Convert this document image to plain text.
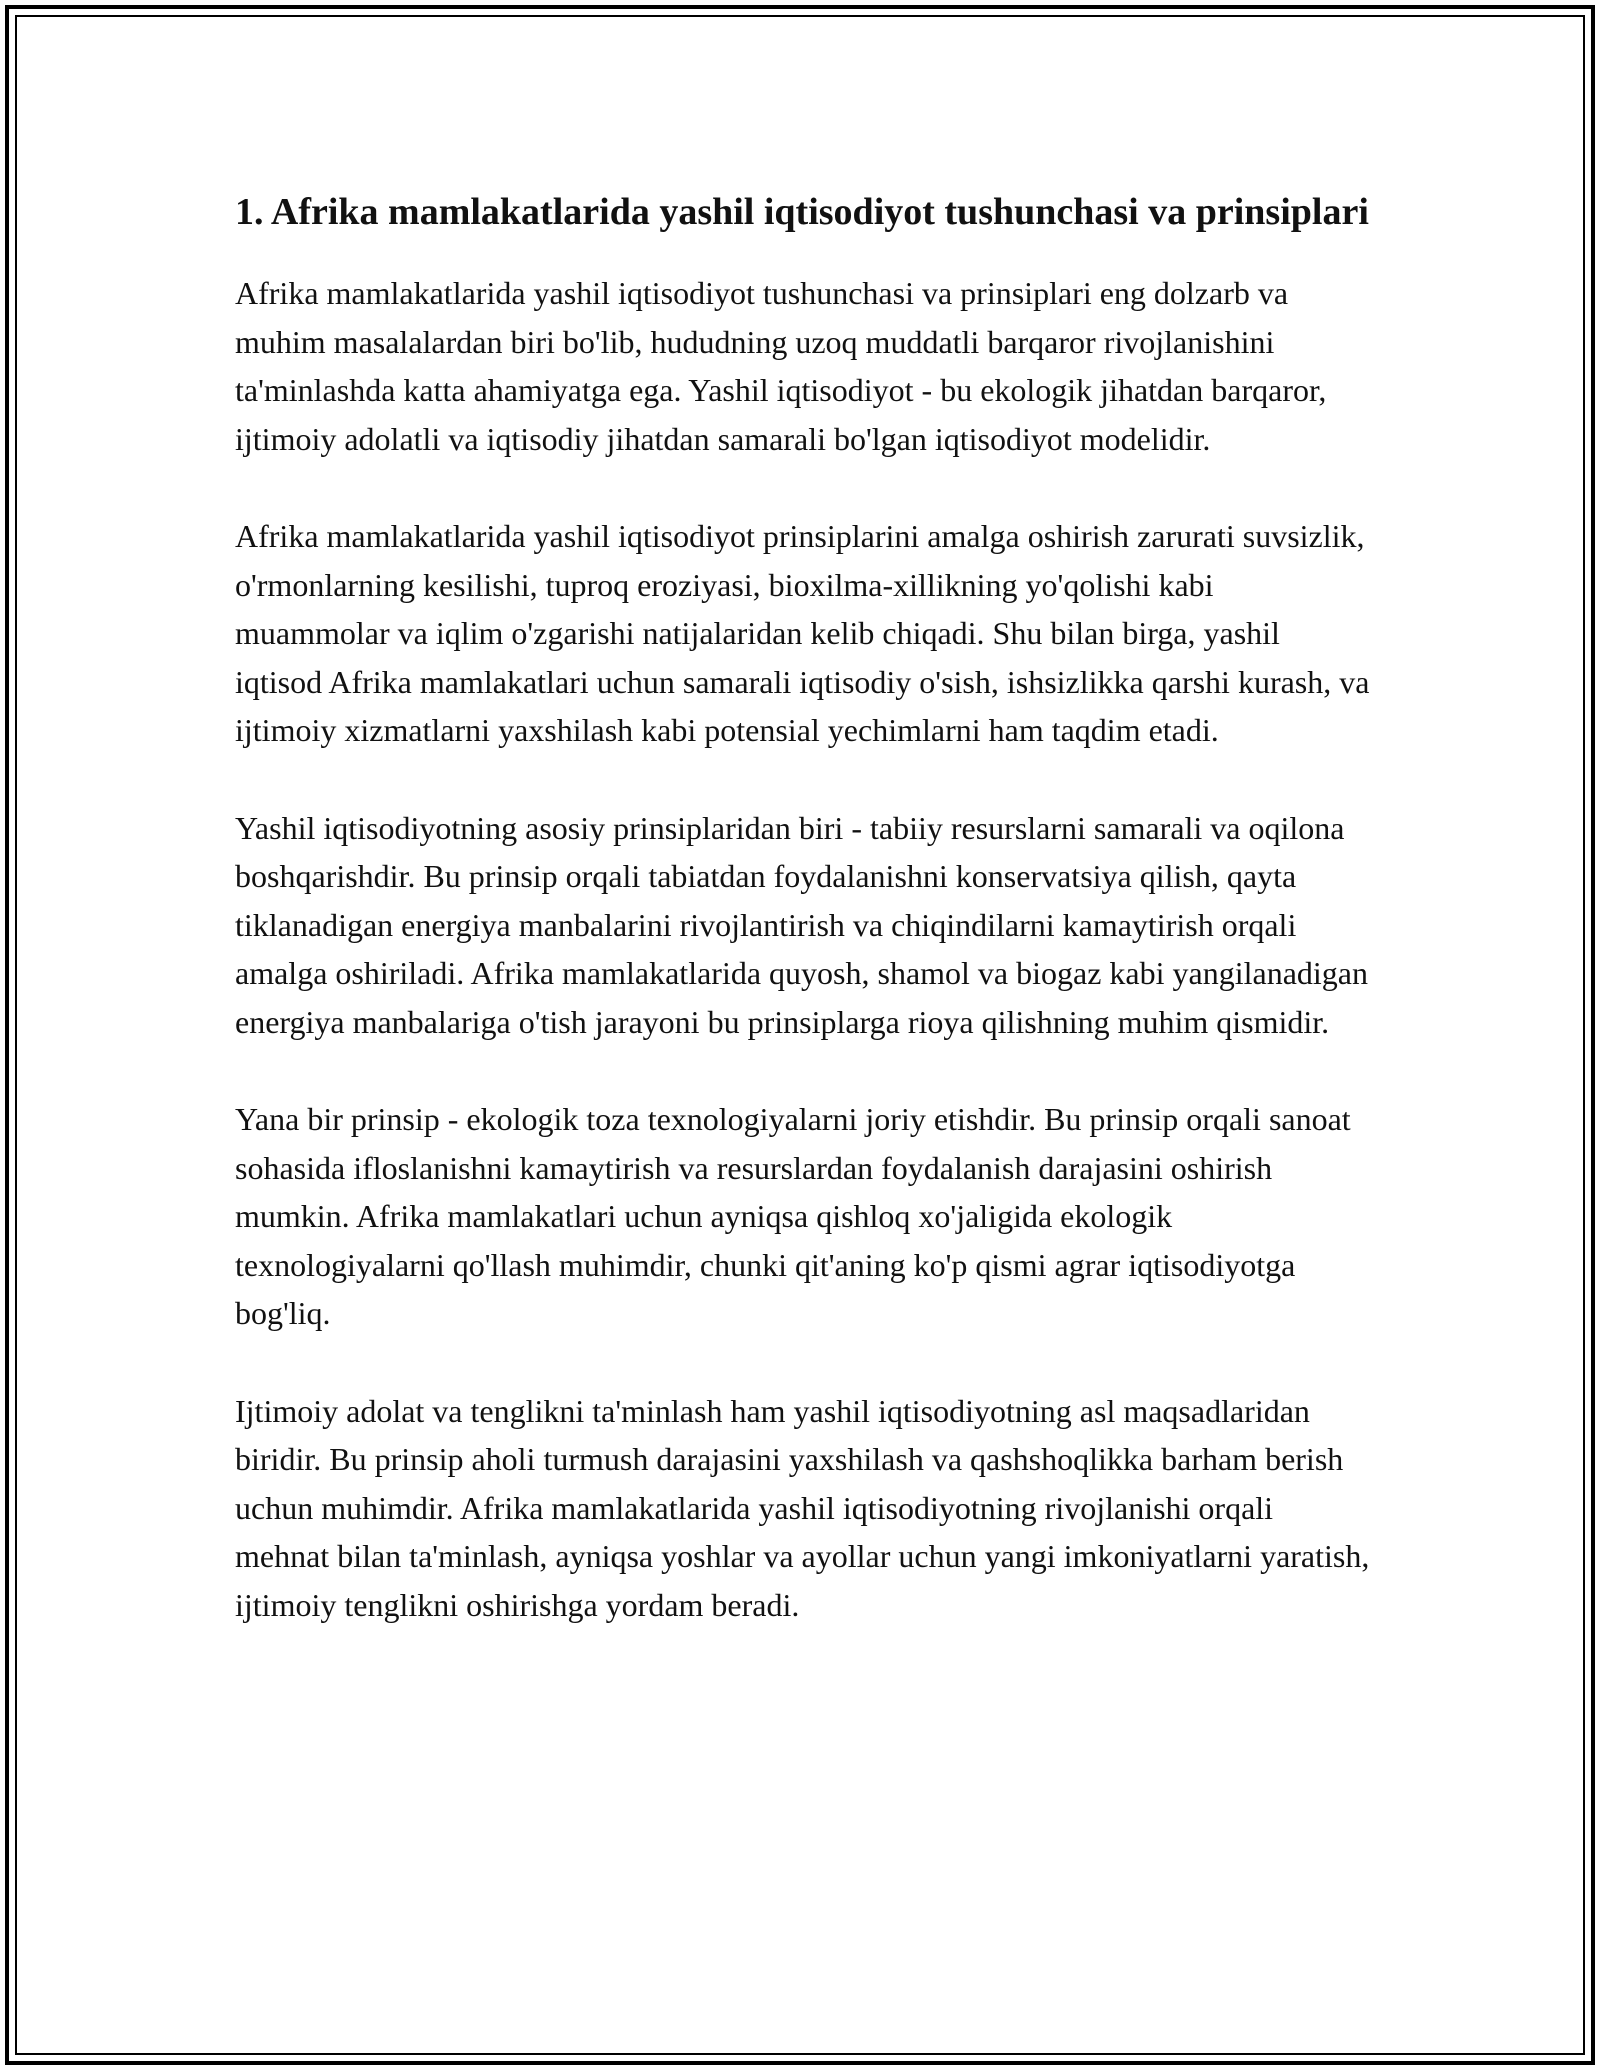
1. Afrika mamlakatlarida yashil iqtisodiyot tushunchasi va prinsiplari

Afrika mamlakatlarida yashil iqtisodiyot tushunchasi va prinsiplari eng dolzarb va muhim masalalardan biri bo'lib, hududning uzoq muddatli barqaror rivojlanishini ta'minlashda katta ahamiyatga ega. Yashil iqtisodiyot - bu ekologik jihatdan barqaror, ijtimoiy adolatli va iqtisodiy jihatdan samarali bo'lgan iqtisodiyot modelidir.

Afrika mamlakatlarida yashil iqtisodiyot prinsiplarini amalga oshirish zarurati suvsizlik, o'rmonlarning kesilishi, tuproq eroziyasi, bioxilma-xillikning yo'qolishi kabi muammolar va iqlim o'zgarishi natijalaridan kelib chiqadi. Shu bilan birga, yashil iqtisod Afrika mamlakatlari uchun samarali iqtisodiy o'sish, ishsizlikka qarshi kurash, va ijtimoiy xizmatlarni yaxshilash kabi potensial yechimlarni ham taqdim etadi.

Yashil iqtisodiyotning asosiy prinsiplaridan biri - tabiiy resurslarni samarali va oqilona boshqarishdir. Bu prinsip orqali tabiatdan foydalanishni konservatsiya qilish, qayta tiklanadigan energiya manbalarini rivojlantirish va chiqindilarni kamaytirish orqali amalga oshiriladi. Afrika mamlakatlarida quyosh, shamol va biogaz kabi yangilanadigan energiya manbalariga o'tish jarayoni bu prinsiplarga rioya qilishning muhim qismidir.

Yana bir prinsip - ekologik toza texnologiyalarni joriy etishdir. Bu prinsip orqali sanoat sohasida ifloslanishni kamaytirish va resurslardan foydalanish darajasini oshirish mumkin. Afrika mamlakatlari uchun ayniqsa qishloq xo'jaligida ekologik texnologiyalarni qo'llash muhimdir, chunki qit'aning ko'p qismi agrar iqtisodiyotga bog'liq.

Ijtimoiy adolat va tenglikni ta'minlash ham yashil iqtisodiyotning asl maqsadlaridan biridir. Bu prinsip aholi turmush darajasini yaxshilash va qashshoqlikka barham berish uchun muhimdir. Afrika mamlakatlarida yashil iqtisodiyotning rivojlanishi orqali mehnat bilan ta'minlash, ayniqsa yoshlar va ayollar uchun yangi imkoniyatlarni yaratish, ijtimoiy tenglikni oshirishga yordam beradi.
